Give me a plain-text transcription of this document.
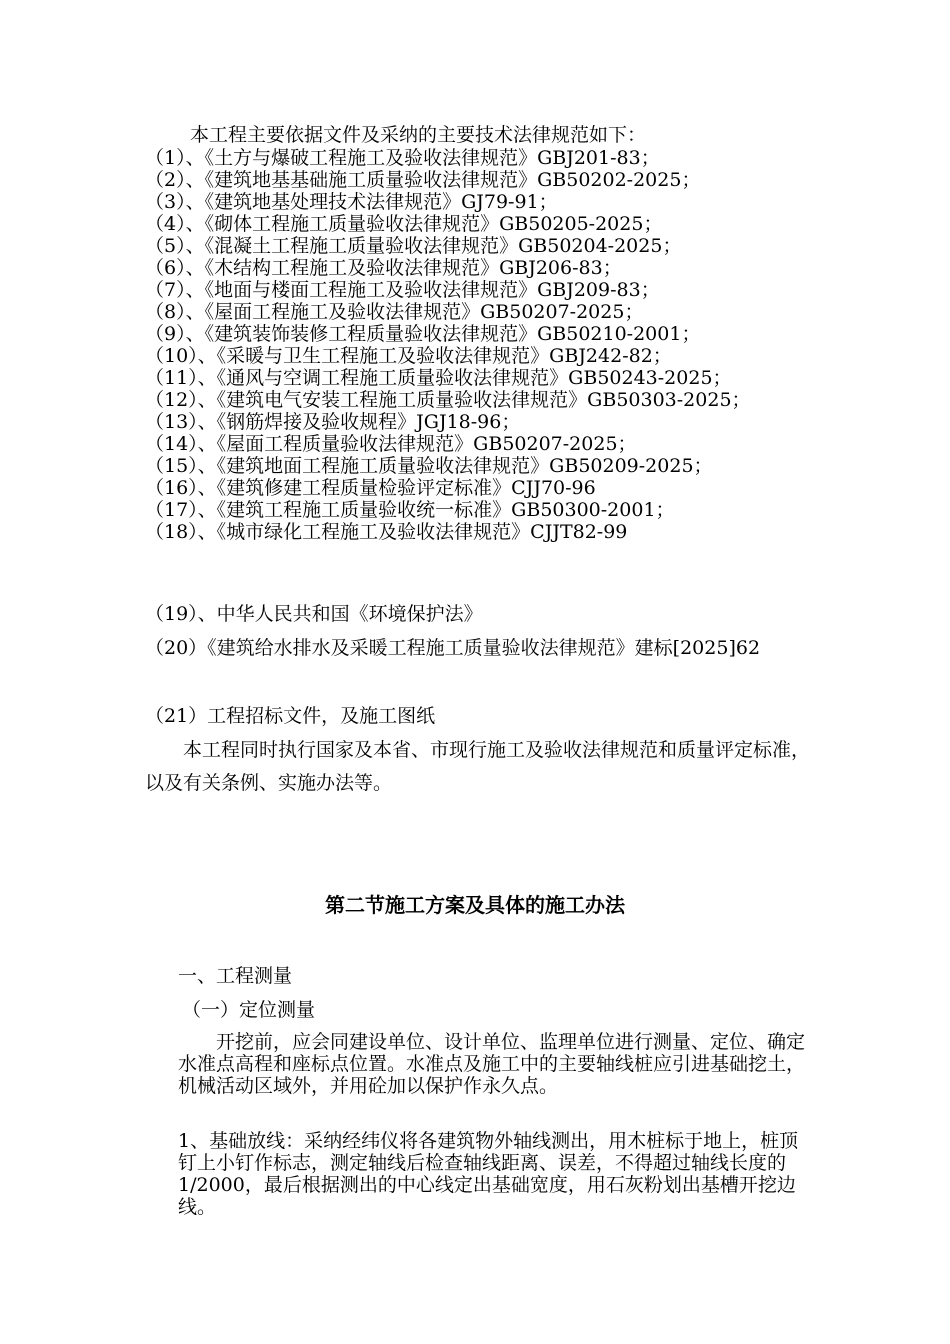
本工程主要依据文件及采纳的主要技术法律规范如下：
（1）、《土方与爆破工程施工及验收法律规范》GBJ201-83；
（2）、《建筑地基基础施工质量验收法律规范》GB50202-2025；
（3）、《建筑地基处理技术法律规范》GJ79-91；
（4）、《砌体工程施工质量验收法律规范》GB50205-2025；
（5）、《混凝土工程施工质量验收法律规范》GB50204-2025；
（6）、《木结构工程施工及验收法律规范》GBJ206-83；
（7）、《地面与楼面工程施工及验收法律规范》GBJ209-83；
（8）、《屋面工程施工及验收法律规范》GB50207-2025；
（9）、《建筑装饰装修工程质量验收法律规范》GB50210-2001；
（10）、《采暖与卫生工程施工及验收法律规范》GBJ242-82；
（11）、《通风与空调工程施工质量验收法律规范》GB50243-2025；
（12）、《建筑电气安装工程施工质量验收法律规范》GB50303-2025；
（13）、《钢筋焊接及验收规程》JGJ18-96；
（14）、《屋面工程质量验收法律规范》GB50207-2025；
（15）、《建筑地面工程施工质量验收法律规范》GB50209-2025；
（16）、《建筑修建工程质量检验评定标准》CJJ70-96
（17）、《建筑工程施工质量验收统一标准》GB50300-2001；
（18）、《城市绿化工程施工及验收法律规范》CJJT82-99
（19）、中华人民共和国《环境保护法》
（20）《建筑给水排水及采暖工程施工质量验收法律规范》建标[2025]62
（21）工程招标文件，及施工图纸
本工程同时执行国家及本省、市现行施工及验收法律规范和质量评定标准，以及有关条例、实施办法等。
第二节施工方案及具体的施工办法
一、工程测量
（一）定位测量
开挖前，应会同建设单位、设计单位、监理单位进行测量、定位、确定水准点高程和座标点位置。水准点及施工中的主要轴线桩应引进基础挖土，机械活动区域外，并用砼加以保护作永久点。
1、基础放线：采纳经纬仪将各建筑物外轴线测出，用木桩标于地上，桩顶钉上小钉作标志，测定轴线后检查轴线距离、误差，不得超过轴线长度的1/2000，最后根据测出的中心线定出基础宽度，用石灰粉划出基槽开挖边线。
